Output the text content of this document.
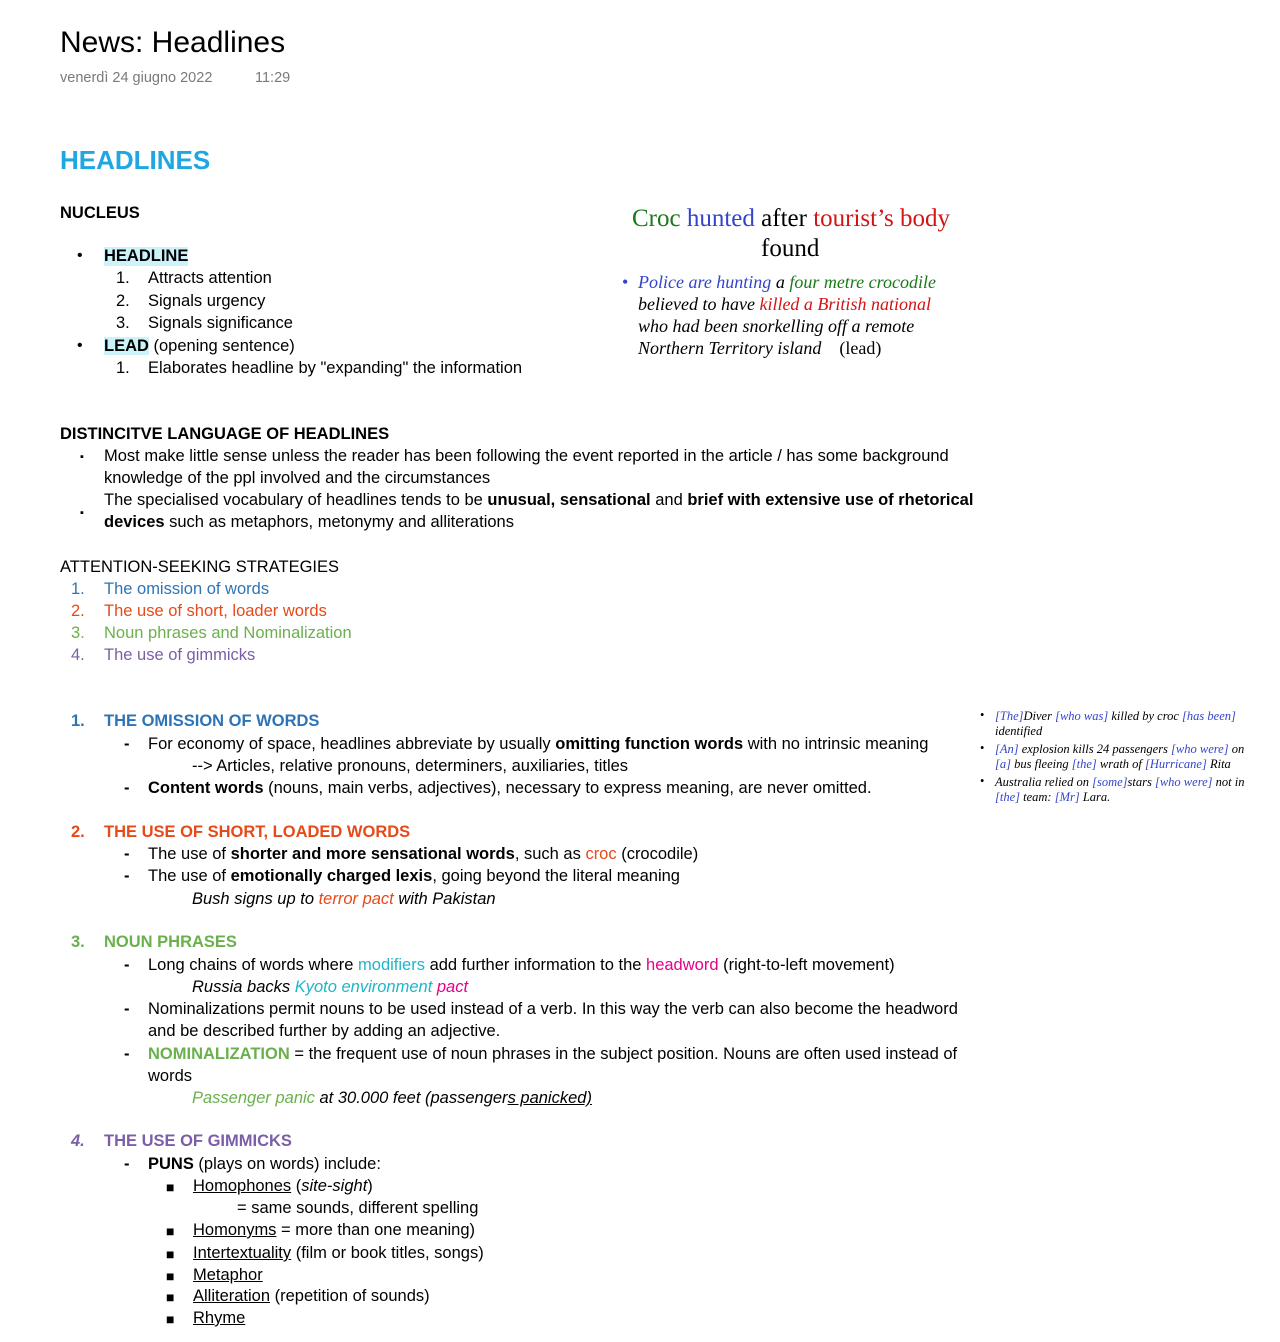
News: Headlines
venerdì 24 giugno 2022	11:29
HEADLINES
NUCLEUS
• HEADLINE
1. Attracts attention
2. Signals urgency
3. Signals significance
• LEAD (opening sentence)
1. Elaborates headline by "expanding" the information
Croc hunted after tourist’s body
found
• Police are hunting a four metre crocodile
believed to have killed a British national
who had been snorkelling off a remote
Northern Territory island (lead)
DISTINCITVE LANGUAGE OF HEADLINES
▪	Most make little sense unless the reader has been following the event reported in the article / has some background
knowledge of the ppl involved and the circumstances
▪
The specialised vocabulary of headlines tends to be unusual, sensational and brief with extensive use of rhetorical
devices such as metaphors, metonymy and alliterations
ATTENTION-SEEKING STRATEGIES
1. The omission of words
2. The use of short, loader words
3. Noun phrases and Nominalization
4. The use of gimmicks
1. THE OMISSION OF WORDS
- For economy of space, headlines abbreviate by usually omitting function words with no intrinsic meaning
--> Articles, relative pronouns, determiners, auxiliaries, titles
- Content words (nouns, main verbs, adjectives), necessary to express meaning, are never omitted.
• [The]Diver [who was] killed by croc [has been]
identified
• [An] explosion kills 24 passengers [who were] on
[a] bus fleeing [the] wrath of [Hurricane] Rita
• Australia relied on [some]stars [who were] not in
[the] team: [Mr] Lara.
2. THE USE OF SHORT, LOADED WORDS
- The use of shorter and more sensational words, such as croc (crocodile)
- The use of emotionally charged lexis, going beyond the literal meaning
Bush signs up to terror pact with Pakistan
3. NOUN PHRASES
- Long chains of words where modifiers add further information to the headword (right-to-left movement)
Russia backs Kyoto environment pact
- Nominalizations permit nouns to be used instead of a verb. In this way the verb can also become the headword
and be described further by adding an adjective.
- NOMINALIZATION = the frequent use of noun phrases in the subject position. Nouns are often used instead of
words
Passenger panic at 30.000 feet (passengers panicked)
4. THE USE OF GIMMICKS
- PUNS (plays on words) include:
■ Homophones (site-sight)
= same sounds, different spelling
■ Homonyms = more than one meaning)
■ Intertextuality (film or book titles, songs)
■ Metaphor
■ Alliteration (repetition of sounds)
■ Rhyme
